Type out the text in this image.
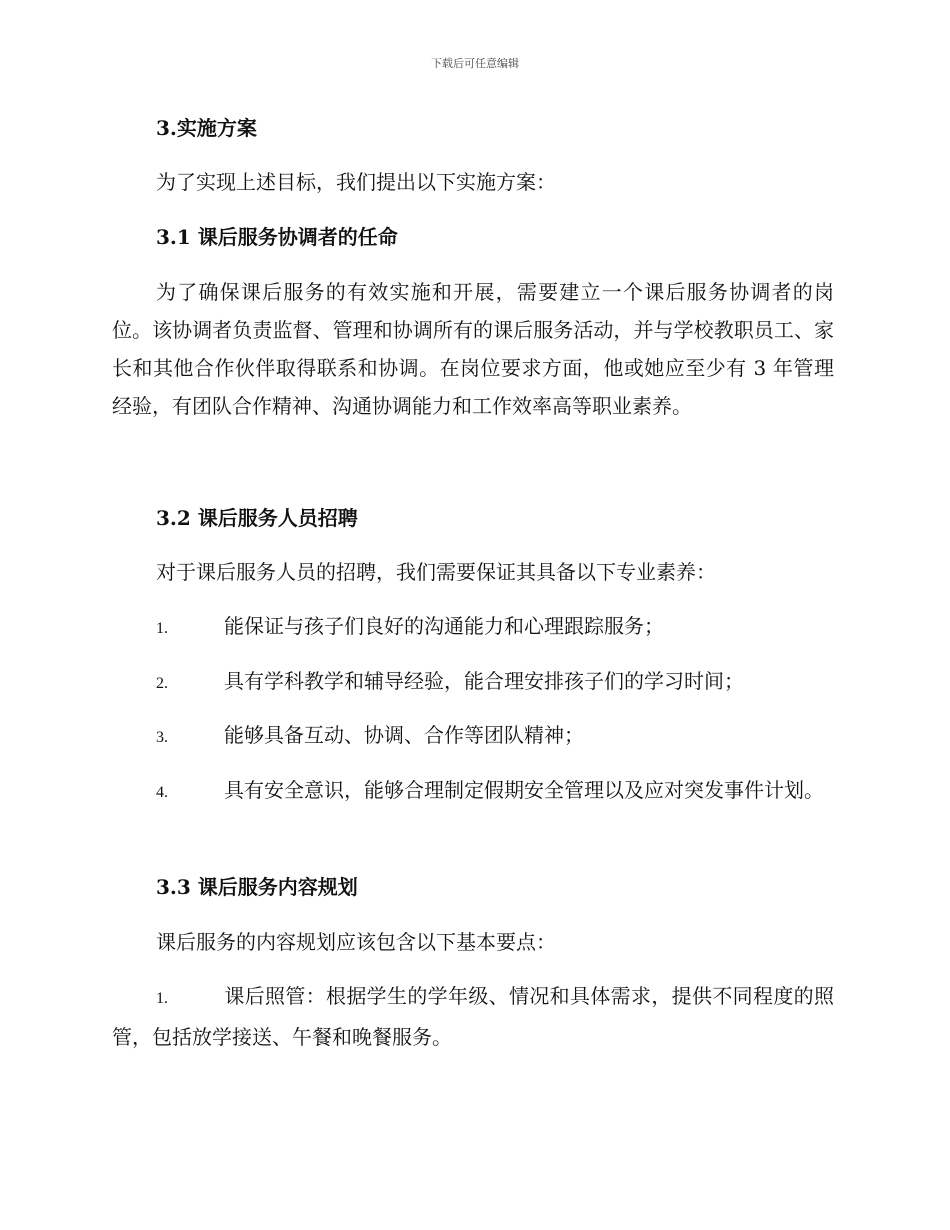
下载后可任意编辑
3.实施方案
为了实现上述目标，我们提出以下实施方案：
3.1 课后服务协调者的任命
为了确保课后服务的有效实施和开展，需要建立一个课后服务协调者的岗位。该协调者负责监督、管理和协调所有的课后服务活动，并与学校教职员工、家长和其他合作伙伴取得联系和协调。在岗位要求方面，他或她应至少有 3 年管理经验，有团队合作精神、沟通协调能力和工作效率高等职业素养。
3.2 课后服务人员招聘
对于课后服务人员的招聘，我们需要保证其具备以下专业素养：
1.	能保证与孩子们良好的沟通能力和心理跟踪服务；
2.	具有学科教学和辅导经验，能合理安排孩子们的学习时间；
3.	能够具备互动、协调、合作等团队精神；
4.	具有安全意识，能够合理制定假期安全管理以及应对突发事件计划。
3.3 课后服务内容规划
课后服务的内容规划应该包含以下基本要点：
1.	课后照管：根据学生的学年级、情况和具体需求，提供不同程度的照管，包括放学接送、午餐和晚餐服务。
